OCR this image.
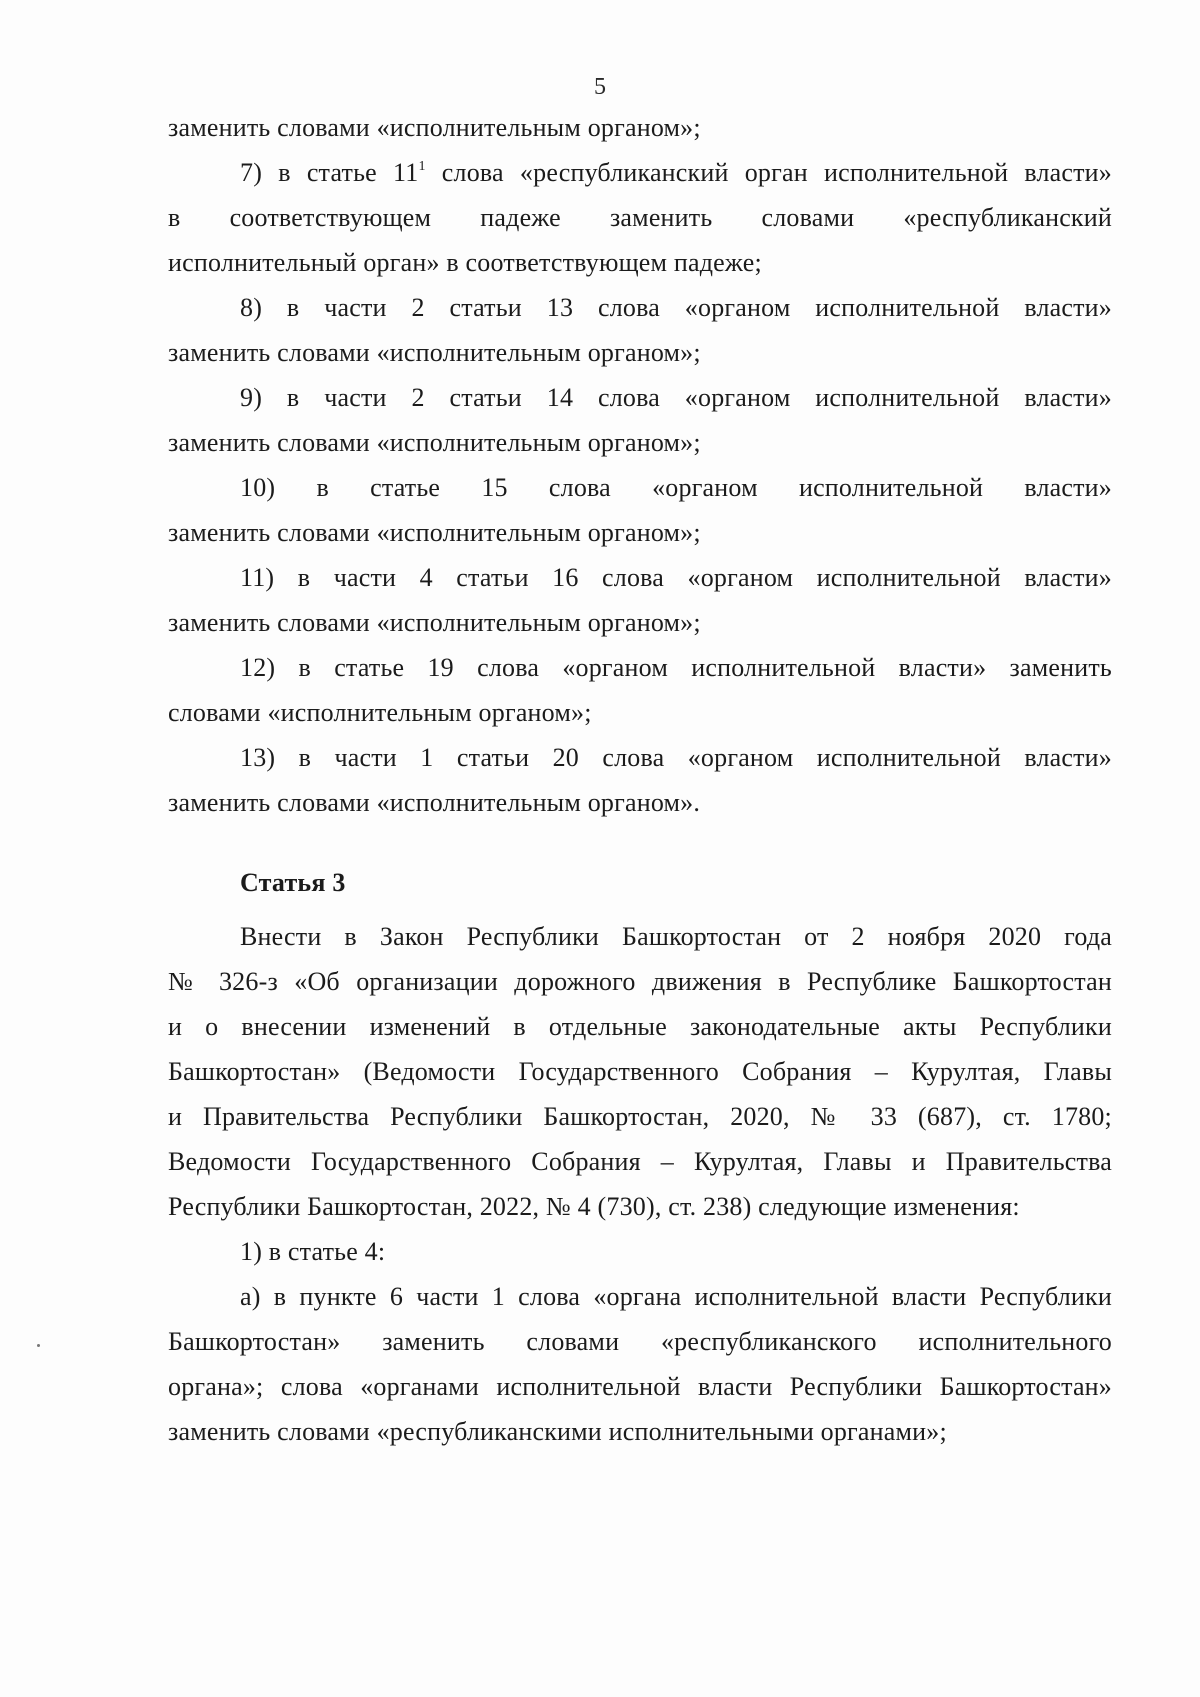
5
заменить словами «исполнительным органом»;
7) в статье $11^1$ слова «республиканский орган исполнительной власти»
в соответствующем падеже заменить словами «республиканский
исполнительный орган» в соответствующем падеже;
8) в части 2 статьи 13 слова «органом исполнительной власти»
заменить словами «исполнительным органом»;
9) в части 2 статьи 14 слова «органом исполнительной власти»
заменить словами «исполнительным органом»;
10) в статье 15 слова «органом исполнительной власти»
заменить словами «исполнительным органом»;
11) в части 4 статьи 16 слова «органом исполнительной власти»
заменить словами «исполнительным органом»;
12) в статье 19 слова «органом исполнительной власти» заменить
словами «исполнительным органом»;
13) в части 1 статьи 20 слова «органом исполнительной власти»
заменить словами «исполнительным органом».
Статья 3
Внести в Закон Республики Башкортостан от 2 ноября 2020 года
№ 326-з «Об организации дорожного движения в Республике Башкортостан
и о внесении изменений в отдельные законодательные акты Республики
Башкортостан» (Ведомости Государственного Собрания – Курултая, Главы
и Правительства Республики Башкортостан, 2020, № 33 (687), ст. 1780;
Ведомости Государственного Собрания – Курултая, Главы и Правительства
Республики Башкортостан, 2022, № 4 (730), ст. 238) следующие изменения:
1) в статье 4:
а) в пункте 6 части 1 слова «органа исполнительной власти Республики
Башкортостан» заменить словами «республиканского исполнительного
органа»; слова «органами исполнительной власти Республики Башкортостан»
заменить словами «республиканскими исполнительными органами»;
